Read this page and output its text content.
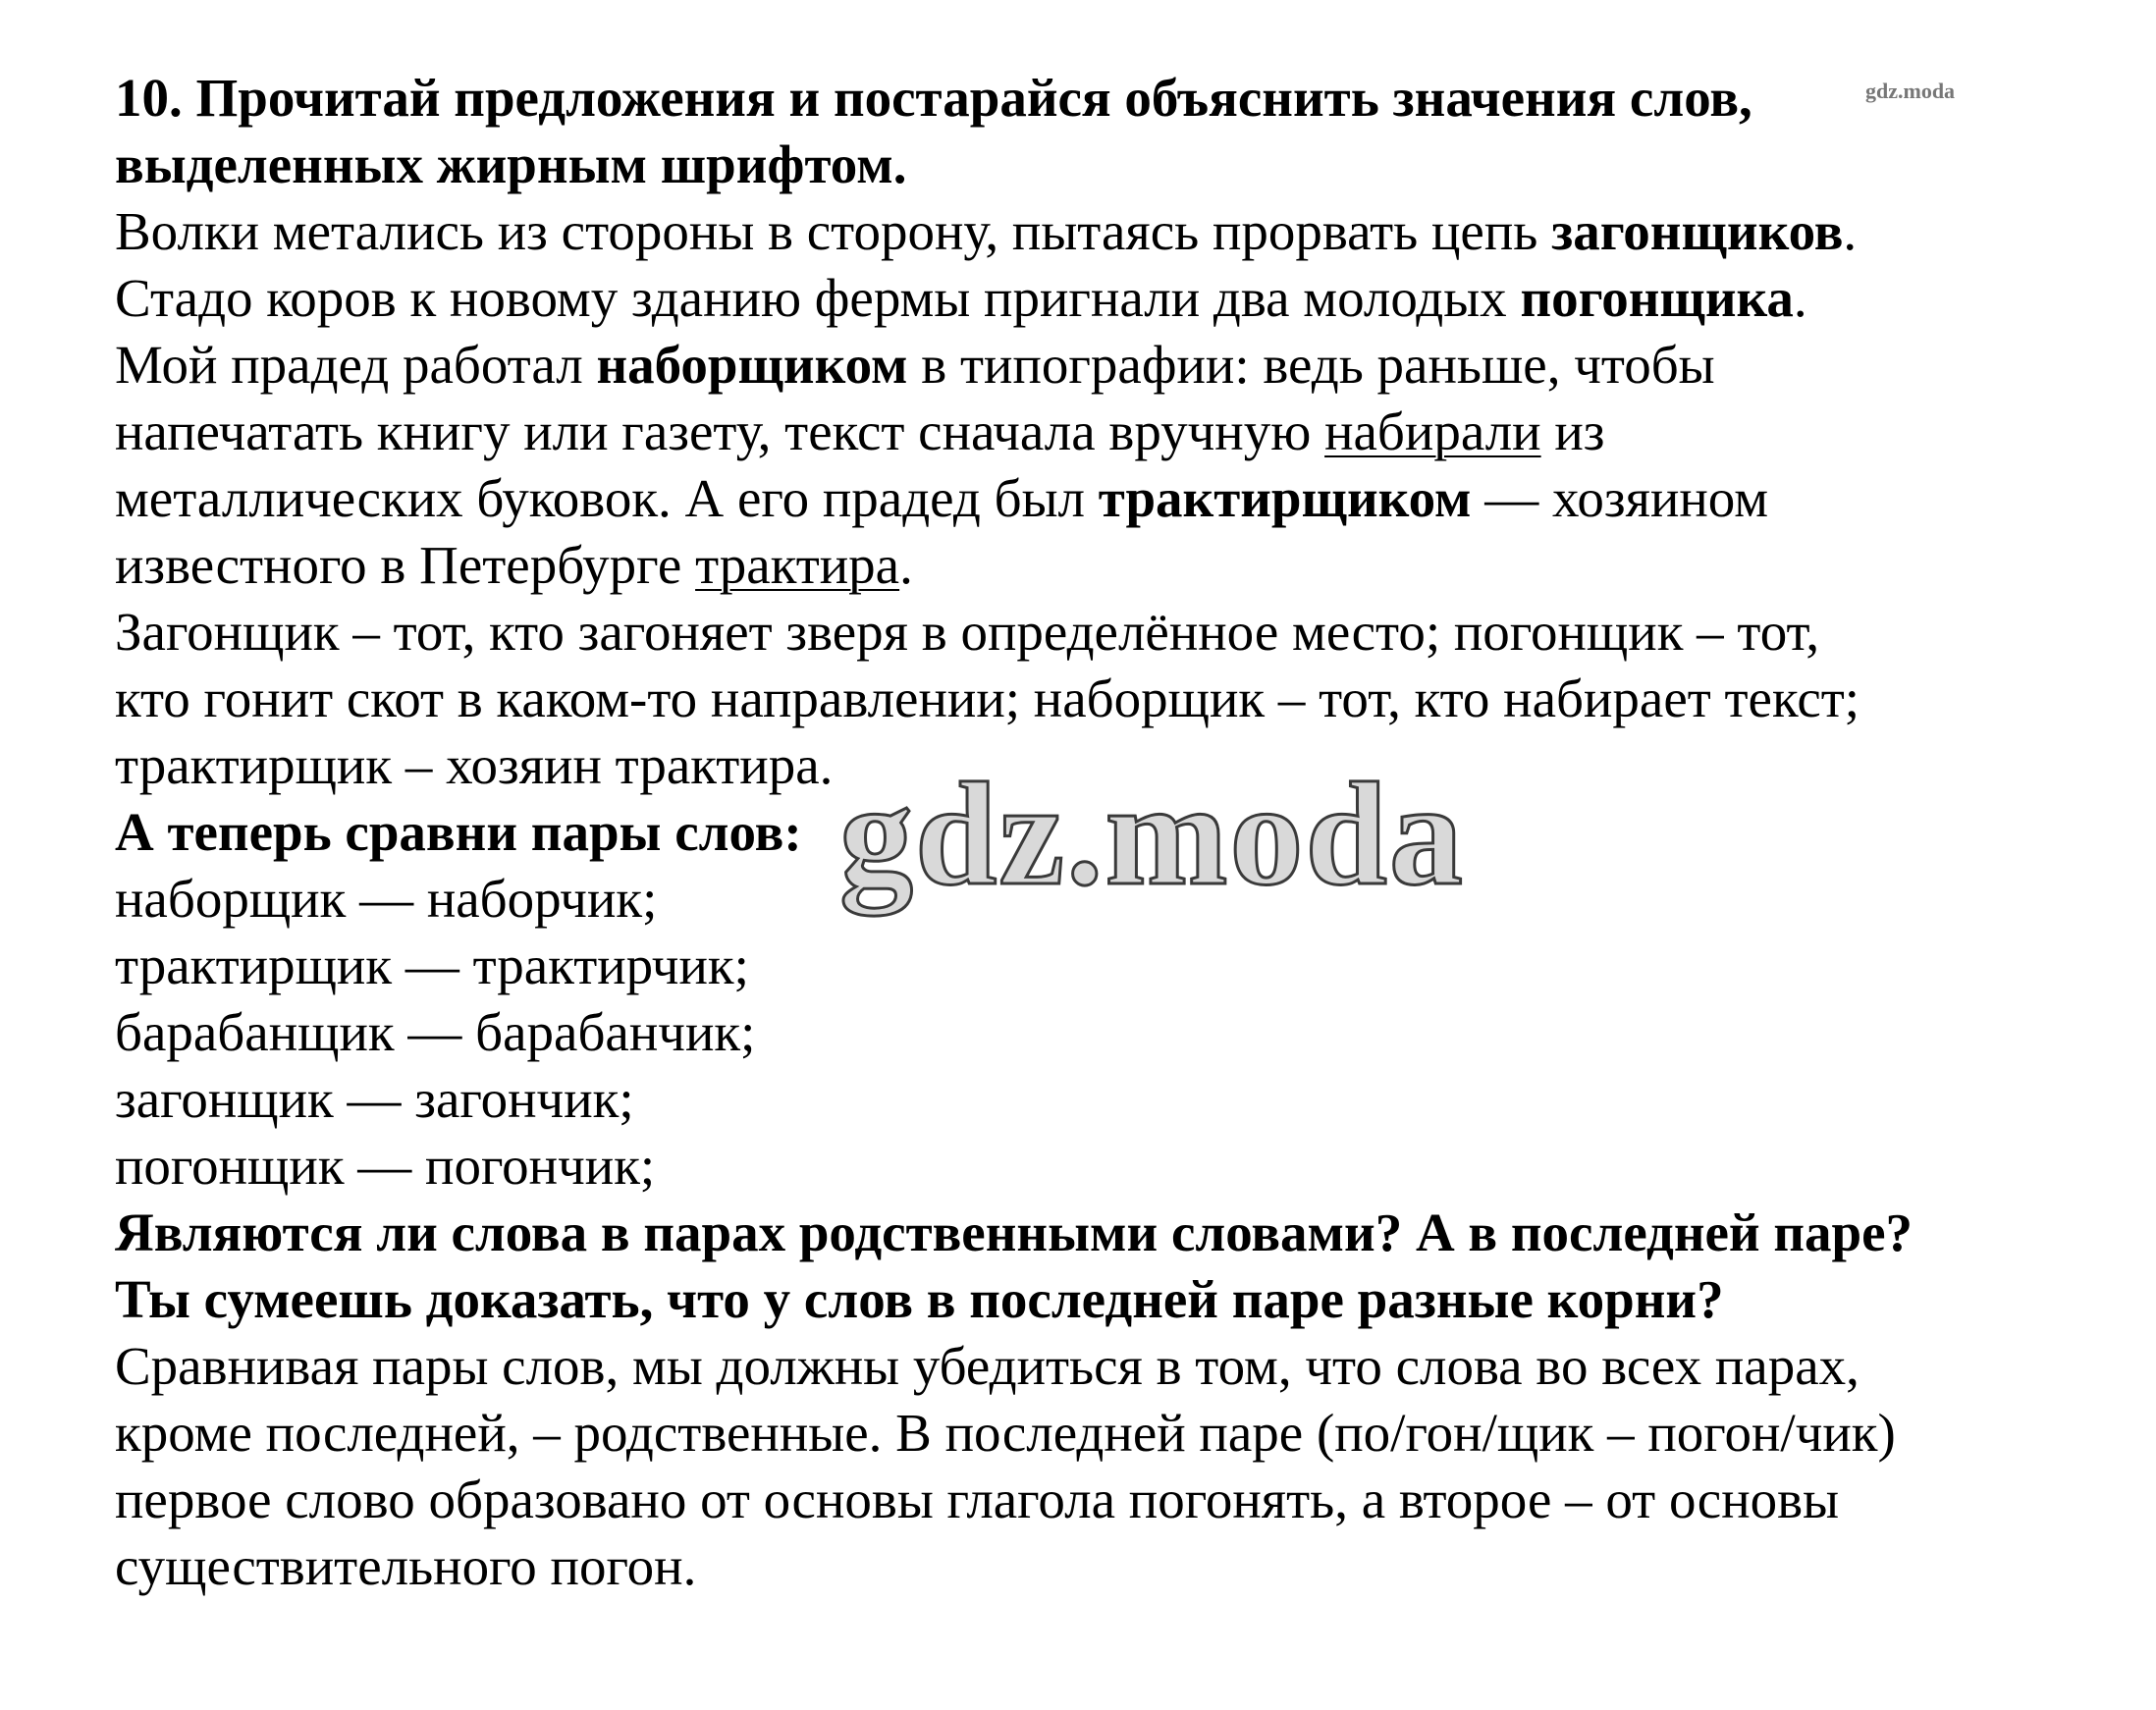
gdz.moda
10. Прочитай предложения и постарайся объяснить значения слов,
выделенных жирным шрифтом.
Волки метались из стороны в сторону, пытаясь прорвать цепь загонщиков.
Стадо коров к новому зданию фермы пригнали два молодых погонщика.
Мой прадед работал наборщиком в типографии: ведь раньше, чтобы
напечатать книгу или газету, текст сначала вручную набирали из
металлических буковок. А его прадед был трактирщиком — хозяином
известного в Петербурге трактира.
Загонщик – тот, кто загоняет зверя в определённое место; погонщик – тот,
кто гонит скот в каком-то направлении; наборщик – тот, кто набирает текст;
трактирщик – хозяин трактира.
А теперь сравни пары слов:
наборщик — наборчик;
трактирщик — трактирчик;
барабанщик — барабанчик;
загонщик — загончик;
погонщик — погончик;
Являются ли слова в парах родственными словами? А в последней паре?
Ты сумеешь доказать, что у слов в последней паре разные корни?
Сравнивая пары слов, мы должны убедиться в том, что слова во всех парах,
кроме последней, – родственные. В последней паре (по/гон/щик – погон/чик)
первое слово образовано от основы глагола погонять, а второе – от основы
существительного погон.
gdz.moda
